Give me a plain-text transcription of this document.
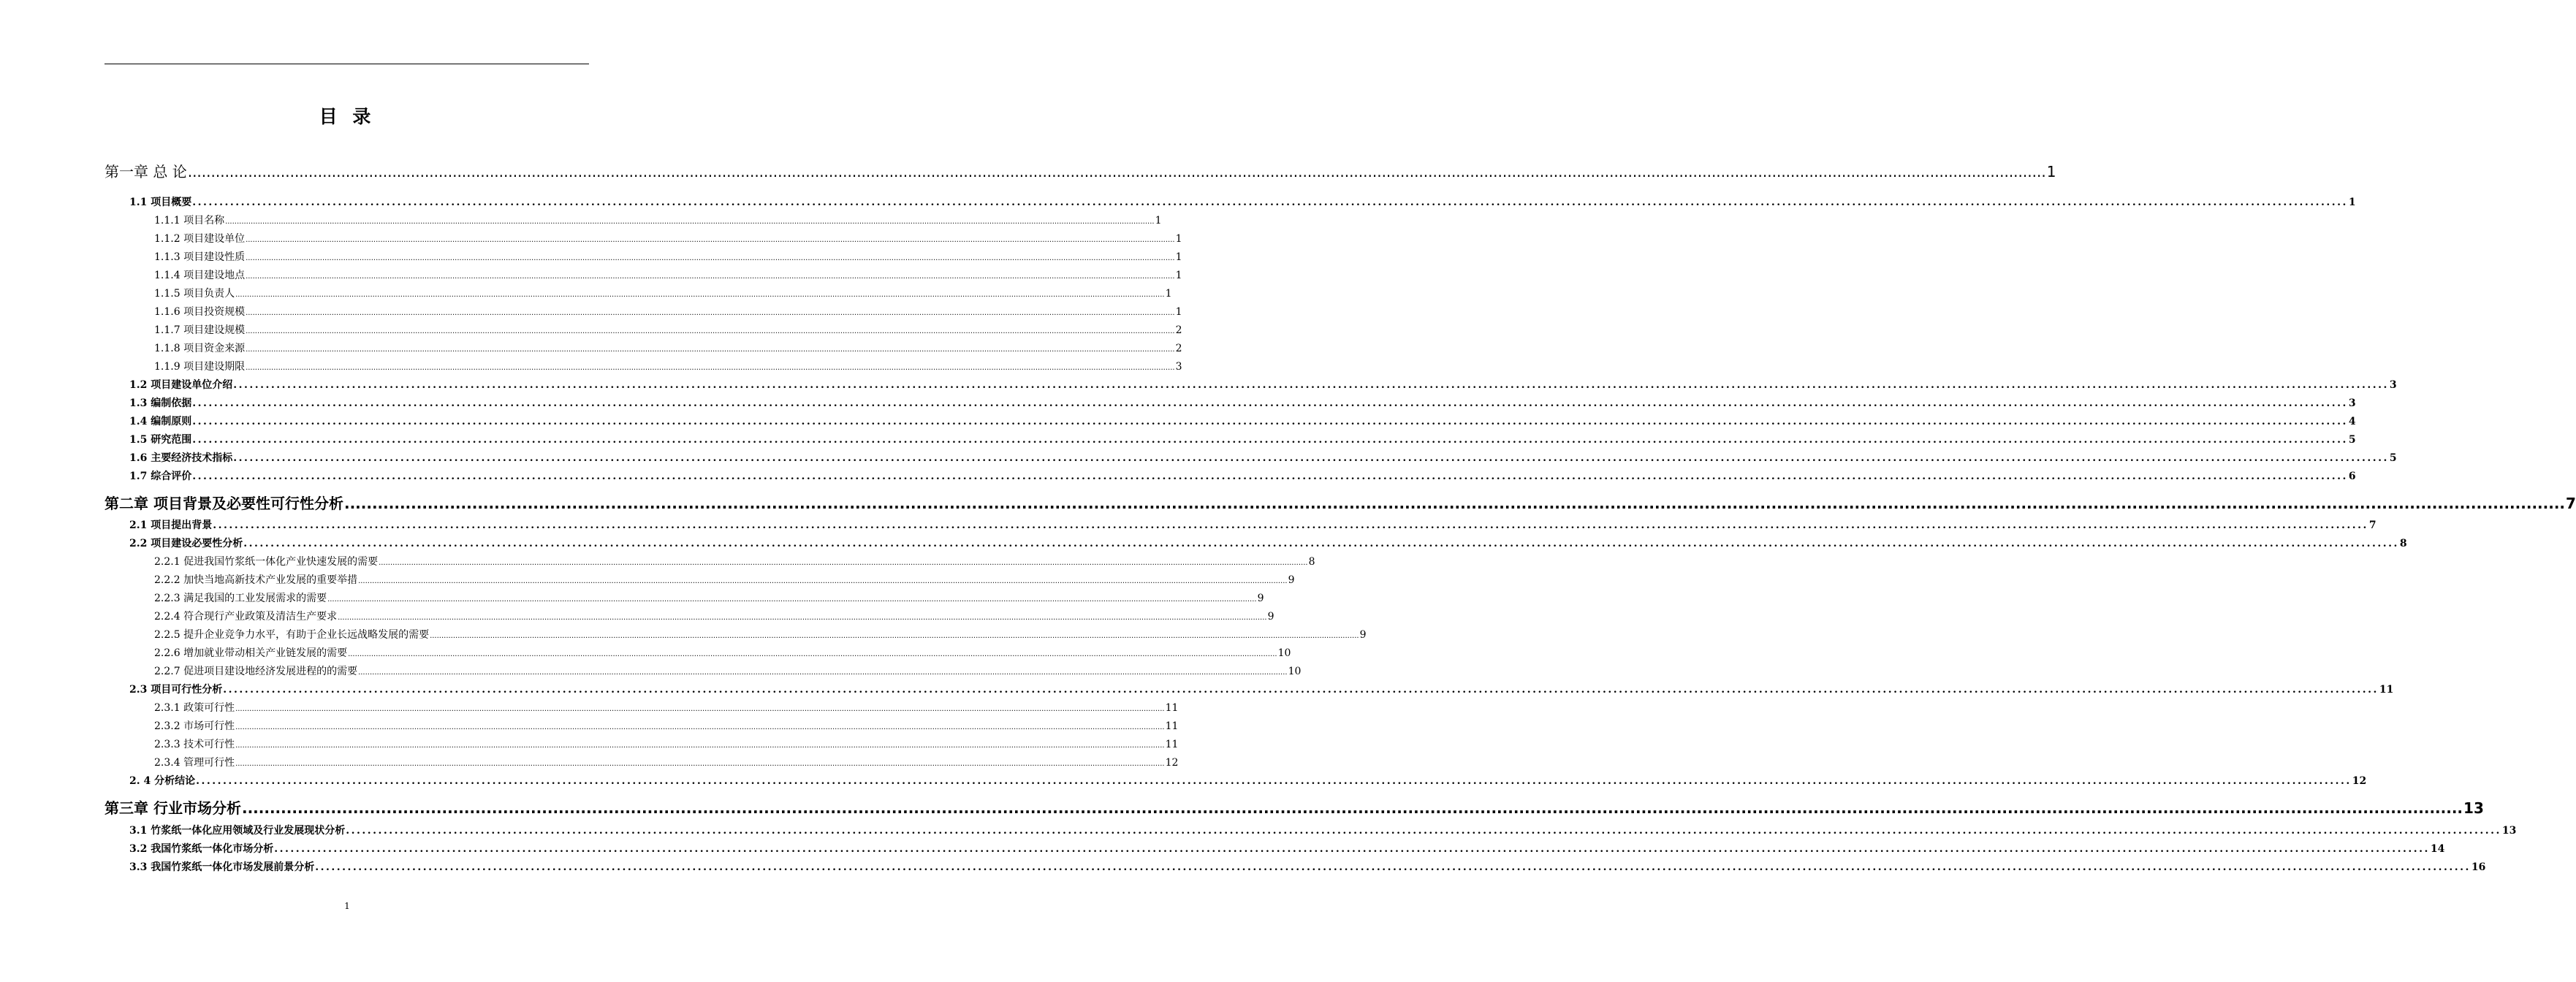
目 录
第一章 总 论 ................................................................................................................................................................................................................................................................................................................................................................................................................ 1
1.1 项目概要 ................................................................................................................................................................................................................................................................................................................................................................................................................ 1
1.1.1 项目名称 ................................................................................................................................................................................................................................................................................................................................................................................................................ 1
1.1.2 项目建设单位 ................................................................................................................................................................................................................................................................................................................................................................................................................ 1
1.1.3 项目建设性质 ................................................................................................................................................................................................................................................................................................................................................................................................................ 1
1.1.4 项目建设地点 ................................................................................................................................................................................................................................................................................................................................................................................................................ 1
1.1.5 项目负责人 ................................................................................................................................................................................................................................................................................................................................................................................................................ 1
1.1.6 项目投资规模 ................................................................................................................................................................................................................................................................................................................................................................................................................ 1
1.1.7 项目建设规模 ................................................................................................................................................................................................................................................................................................................................................................................................................ 2
1.1.8 项目资金来源 ................................................................................................................................................................................................................................................................................................................................................................................................................ 2
1.1.9 项目建设期限 ................................................................................................................................................................................................................................................................................................................................................................................................................ 3
1.2 项目建设单位介绍 ................................................................................................................................................................................................................................................................................................................................................................................................................ 3
1.3 编制依据 ................................................................................................................................................................................................................................................................................................................................................................................................................ 3
1.4 编制原则 ................................................................................................................................................................................................................................................................................................................................................................................................................ 4
1.5 研究范围 ................................................................................................................................................................................................................................................................................................................................................................................................................ 5
1.6 主要经济技术指标 ................................................................................................................................................................................................................................................................................................................................................................................................................ 5
1.7 综合评价 ................................................................................................................................................................................................................................................................................................................................................................................................................ 6
第二章 项目背景及必要性可行性分析 ................................................................................................................................................................................................................................................................................................................................................................................................................ 7
2.1 项目提出背景 ................................................................................................................................................................................................................................................................................................................................................................................................................ 7
2.2 项目建设必要性分析 ................................................................................................................................................................................................................................................................................................................................................................................................................ 8
2.2.1 促进我国竹浆纸一体化产业快速发展的需要 ................................................................................................................................................................................................................................................................................................................................................................................................................ 8
2.2.2 加快当地高新技术产业发展的重要举措 ................................................................................................................................................................................................................................................................................................................................................................................................................ 9
2.2.3 满足我国的工业发展需求的需要 ................................................................................................................................................................................................................................................................................................................................................................................................................ 9
2.2.4 符合现行产业政策及清洁生产要求 ................................................................................................................................................................................................................................................................................................................................................................................................................ 9
2.2.5 提升企业竞争力水平，有助于企业长远战略发展的需要 ................................................................................................................................................................................................................................................................................................................................................................................................................ 9
2.2.6 增加就业带动相关产业链发展的需要 ................................................................................................................................................................................................................................................................................................................................................................................................................ 10
2.2.7 促进项目建设地经济发展进程的的需要 ................................................................................................................................................................................................................................................................................................................................................................................................................ 10
2.3 项目可行性分析 ................................................................................................................................................................................................................................................................................................................................................................................................................ 11
2.3.1 政策可行性 ................................................................................................................................................................................................................................................................................................................................................................................................................ 11
2.3.2 市场可行性 ................................................................................................................................................................................................................................................................................................................................................................................................................ 11
2.3.3 技术可行性 ................................................................................................................................................................................................................................................................................................................................................................................................................ 11
2.3.4 管理可行性 ................................................................................................................................................................................................................................................................................................................................................................................................................ 12
2. 4 分析结论 ................................................................................................................................................................................................................................................................................................................................................................................................................ 12
第三章 行业市场分析 ................................................................................................................................................................................................................................................................................................................................................................................................................ 13
3.1 竹浆纸一体化应用领域及行业发展现状分析 ................................................................................................................................................................................................................................................................................................................................................................................................................ 13
3.2 我国竹浆纸一体化市场分析 ................................................................................................................................................................................................................................................................................................................................................................................................................ 14
3.3 我国竹浆纸一体化市场发展前景分析 ................................................................................................................................................................................................................................................................................................................................................................................................................ 16
1
